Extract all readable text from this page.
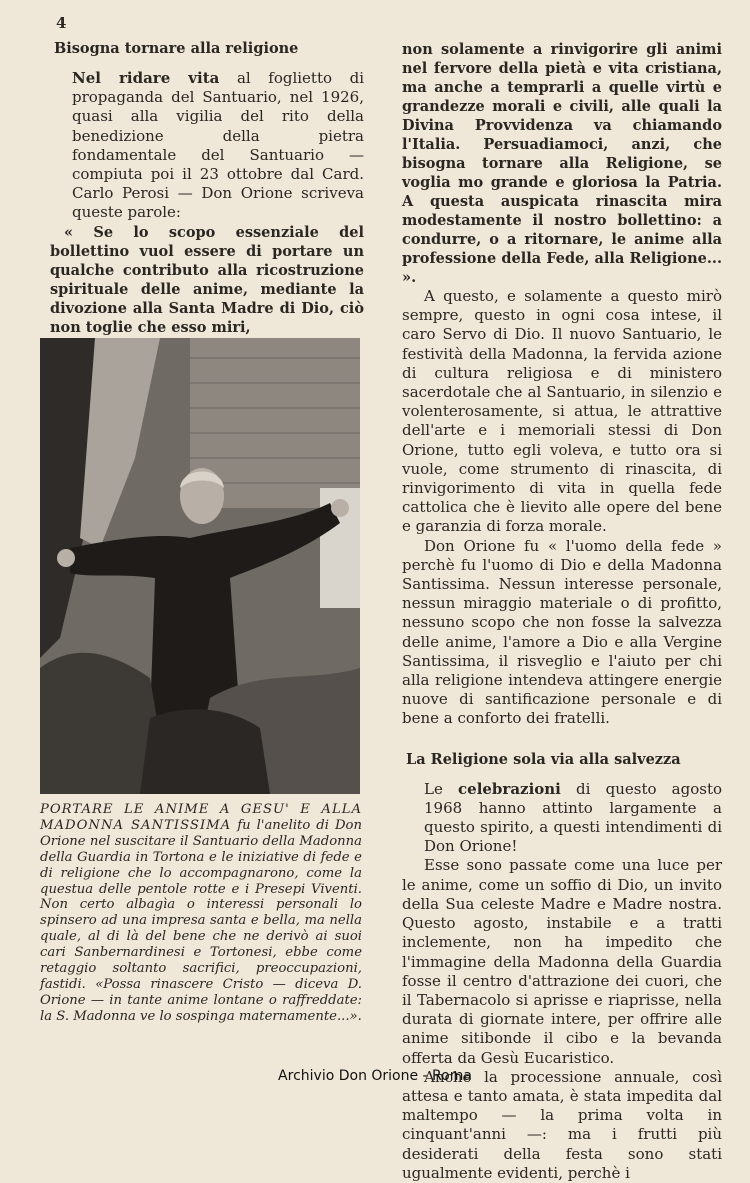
4
Bisogna tornare alla religione

Nel ridare vita al foglietto di propaganda del Santuario, nel 1926, quasi alla vigilia del rito della benedizione della pietra fondamentale del Santuario — compiuta poi il 23 ottobre dal Card. Carlo Perosi — Don Orione scriveva queste parole:

« Se lo scopo essenziale del bollettino vuol essere di portare un qualche contributo alla ricostruzione spirituale delle anime, mediante la divozione alla Santa Madre di Dio, ciò non toglie che esso miri,

PORTARE LE ANIME A GESU' E ALLA MADONNA SANTISSIMA fu l'anelito di Don Orione nel suscitare il Santuario della Madonna della Guardia in Tortona e le iniziative di fede e di religione che lo accompagnarono, come la questua delle pentole rotte e i Presepi Viventi. Non certo albagìa o interessi personali lo spinsero ad una impresa santa e bella, ma nella quale, al di là del bene che ne derivò ai suoi cari Sanbernardinesi e Tortonesi, ebbe come retaggio soltanto sacrifici, preoccupazioni, fastidi. «Possa rinascere Cristo — diceva D. Orione — in tante anime lontane o raffreddate: la S. Madonna ve lo sospinga maternamente...».

non solamente a rinvigorire gli animi nel fervore della pietà e vita cristiana, ma anche a temprarli a quelle virtù e grandezze morali e civili, alle quali la Divina Provvidenza va chiamando l'Italia. Persuadiamoci, anzi, che bisogna tornare alla Religione, se voglia mo grande e gloriosa la Patria. A questa auspicata rinascita mira modestamente il nostro bollettino: a condurre, o a ritornare, le anime alla professione della Fede, alla Religione... ».

A questo, e solamente a questo mirò sempre, questo in ogni cosa intese, il caro Servo di Dio. Il nuovo Santuario, le festività della Madonna, la fervida azione di cultura religiosa e di ministero sacerdotale che al Santuario, in silenzio e volenterosamente, si attua, le attrattive dell'arte e i memoriali stessi di Don Orione, tutto egli voleva, e tutto ora si vuole, come strumento di rinascita, di rinvigorimento di vita in quella fede cattolica che è lievito alle opere del bene e garanzia di forza morale.

Don Orione fu « l'uomo della fede » perchè fu l'uomo di Dio e della Madonna Santissima. Nessun interesse personale, nessun miraggio materiale o di profitto, nessuno scopo che non fosse la salvezza delle anime, l'amore a Dio e alla Vergine Santissima, il risveglio e l'aiuto per chi alla religione intendeva attingere energie nuove di santificazione personale e di bene a conforto dei fratelli.

La Religione sola via alla salvezza

Le celebrazioni di questo agosto 1968 hanno attinto largamente a questo spirito, a questi intendimenti di Don Orione!

Esse sono passate come una luce per le anime, come un soffio di Dio, un invito della Sua celeste Madre e Madre nostra. Questo agosto, instabile e a tratti inclemente, non ha impedito che l'immagine della Madonna della Guardia fosse il centro d'attrazione dei cuori, che il Tabernacolo si aprisse e riaprisse, nella durata di giornate intere, per offrire alle anime sitibonde il cibo e la bevanda offerta da Gesù Eucaristico.

Anche la processione annuale, così attesa e tanto amata, è stata impedita dal maltempo — la prima volta in cinquant'anni —: ma i frutti più desiderati della festa sono stati ugualmente evidenti, perchè i

Archivio Don Orione - Roma
